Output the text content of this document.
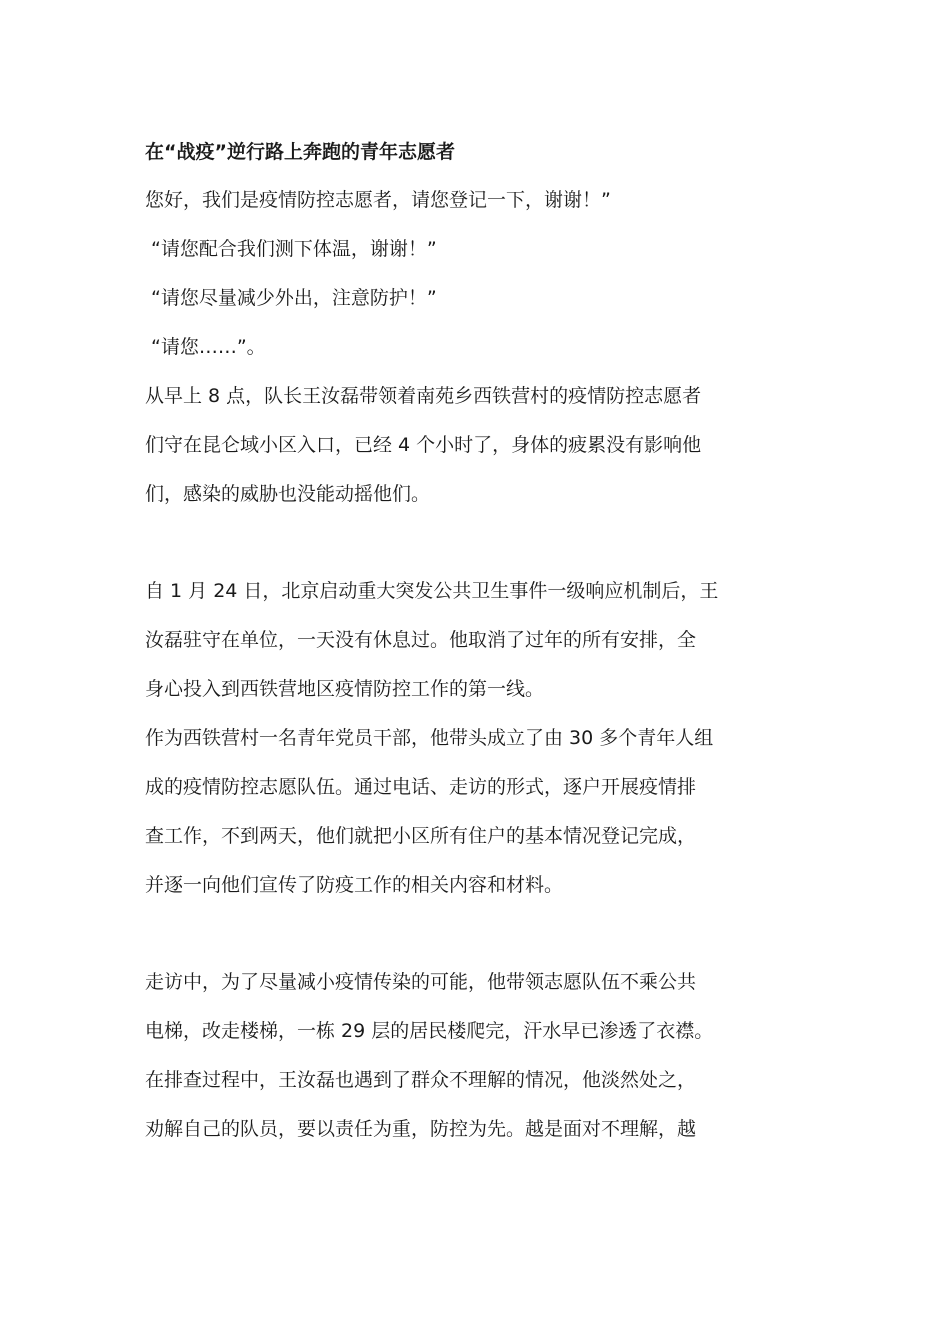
在“战疫”逆行路上奔跑的青年志愿者

您好，我们是疫情防控志愿者，请您登记一下，谢谢！”

“请您配合我们测下体温，谢谢！”

“请您尽量减少外出，注意防护！”

“请您……”。

从早上 8 点，队长王汝磊带领着南苑乡西铁营村的疫情防控志愿者

们守在昆仑域小区入口，已经 4 个小时了，身体的疲累没有影响他

们，感染的威胁也没能动摇他们。

自 1 月 24 日，北京启动重大突发公共卫生事件一级响应机制后，王

汝磊驻守在单位，一天没有休息过。他取消了过年的所有安排，全

身心投入到西铁营地区疫情防控工作的第一线。

作为西铁营村一名青年党员干部，他带头成立了由 30 多个青年人组

成的疫情防控志愿队伍。通过电话、走访的形式，逐户开展疫情排

查工作，不到两天，他们就把小区所有住户的基本情况登记完成，

并逐一向他们宣传了防疫工作的相关内容和材料。

走访中，为了尽量减小疫情传染的可能，他带领志愿队伍不乘公共

电梯，改走楼梯，一栋 29 层的居民楼爬完，汗水早已渗透了衣襟。

在排查过程中，王汝磊也遇到了群众不理解的情况，他淡然处之，

劝解自己的队员，要以责任为重，防控为先。越是面对不理解，越
